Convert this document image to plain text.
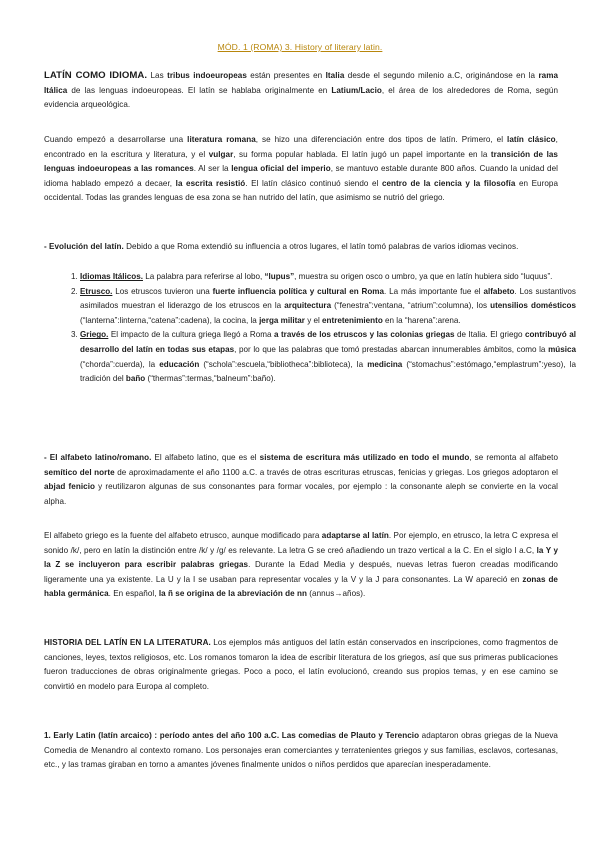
MÓD. 1 (ROMA) 3. History of literary latin.
LATÍN COMO IDIOMA. Las tribus indoeuropeas están presentes en Italia desde el segundo milenio a.C, originándose en la rama Itálica de las lenguas indoeuropeas. El latín se hablaba originalmente en Latium/Lacio, el área de los alrededores de Roma, según evidencia arqueológica.
Cuando empezó a desarrollarse una literatura romana, se hizo una diferenciación entre dos tipos de latín. Primero, el latín clásico, encontrado en la escritura y literatura, y el vulgar, su forma popular hablada. El latín jugó un papel importante en la transición de las lenguas indoeuropeas a las romances. Al ser la lengua oficial del imperio, se mantuvo estable durante 800 años. Cuando la unidad del idioma hablado empezó a decaer, la escrita resistió. El latín clásico continuó siendo el centro de la ciencia y la filosofía en Europa occidental. Todas las grandes lenguas de esa zona se han nutrido del latín, que asimismo se nutrió del griego.
- Evolución del latín. Debido a que Roma extendió su influencia a otros lugares, el latín tomó palabras de varios idiomas vecinos.
1. Idiomas Itálicos. La palabra para referirse al lobo, “lupus”, muestra su origen osco o umbro, ya que en latín hubiera sido “luquus”.
2. Etrusco. Los etruscos tuvieron una fuerte influencia política y cultural en Roma. La más importante fue el alfabeto. Los sustantivos asimilados muestran el liderazgo de los etruscos en la arquitectura (“fenestra”:ventana, “atrium”:columna), los utensilios domésticos (“lanterna”:linterna,“catena”:cadena), la cocina, la jerga militar y el entretenimiento en la “harena”:arena.
3. Griego. El impacto de la cultura griega llegó a Roma a través de los etruscos y las colonias griegas de Italia. El griego contribuyó al desarrollo del latín en todas sus etapas, por lo que las palabras que tomó prestadas abarcan innumerables ámbitos, como la música (“chorda”:cuerda), la educación (“schola”:escuela,“bibliotheca”:biblioteca), la medicina (“stomachus”:estómago,“emplastrum”:yeso), la tradición del baño (“thermas”:termas,“balneum”:baño).
- El alfabeto latino/romano. El alfabeto latino, que es el sistema de escritura más utilizado en todo el mundo, se remonta al alfabeto semítico del norte de aproximadamente el año 1100 a.C. a través de otras escrituras etruscas, fenicias y griegas. Los griegos adoptaron el abjad fenicio y reutilizaron algunas de sus consonantes para formar vocales, por ejemplo : la consonante aleph se convierte en la vocal alpha.
El alfabeto griego es la fuente del alfabeto etrusco, aunque modificado para adaptarse al latín. Por ejemplo, en etrusco, la letra C expresa el sonido /k/, pero en latín la distinción entre /k/ y /g/ es relevante. La letra G se creó añadiendo un trazo vertical a la C. En el siglo I a.C, la Y y la Z se incluyeron para escribir palabras griegas. Durante la Edad Media y después, nuevas letras fueron creadas modificando ligeramente una ya existente. La U y la I se usaban para representar vocales y la V y la J para consonantes. La W apareció en zonas de habla germánica. En español, la ñ se origina de la abreviación de nn (annus→años).
HISTORIA DEL LATÍN EN LA LITERATURA. Los ejemplos más antiguos del latín están conservados en inscripciones, como fragmentos de canciones, leyes, textos religiosos, etc. Los romanos tomaron la idea de escribir literatura de los griegos, así que sus primeras publicaciones fueron traducciones de obras originalmente griegas. Poco a poco, el latín evolucionó, creando sus propios temas, y en ese camino se convirtió en modelo para Europa al completo.
1. Early Latin (latín arcaico) : período antes del año 100 a.C. Las comedias de Plauto y Terencio adaptaron obras griegas de la Nueva Comedia de Menandro al contexto romano. Los personajes eran comerciantes y terratenientes griegos y sus familias, esclavos, cortesanas, etc., y las tramas giraban en torno a amantes jóvenes finalmente unidos o niños perdidos que aparecían inesperadamente.
